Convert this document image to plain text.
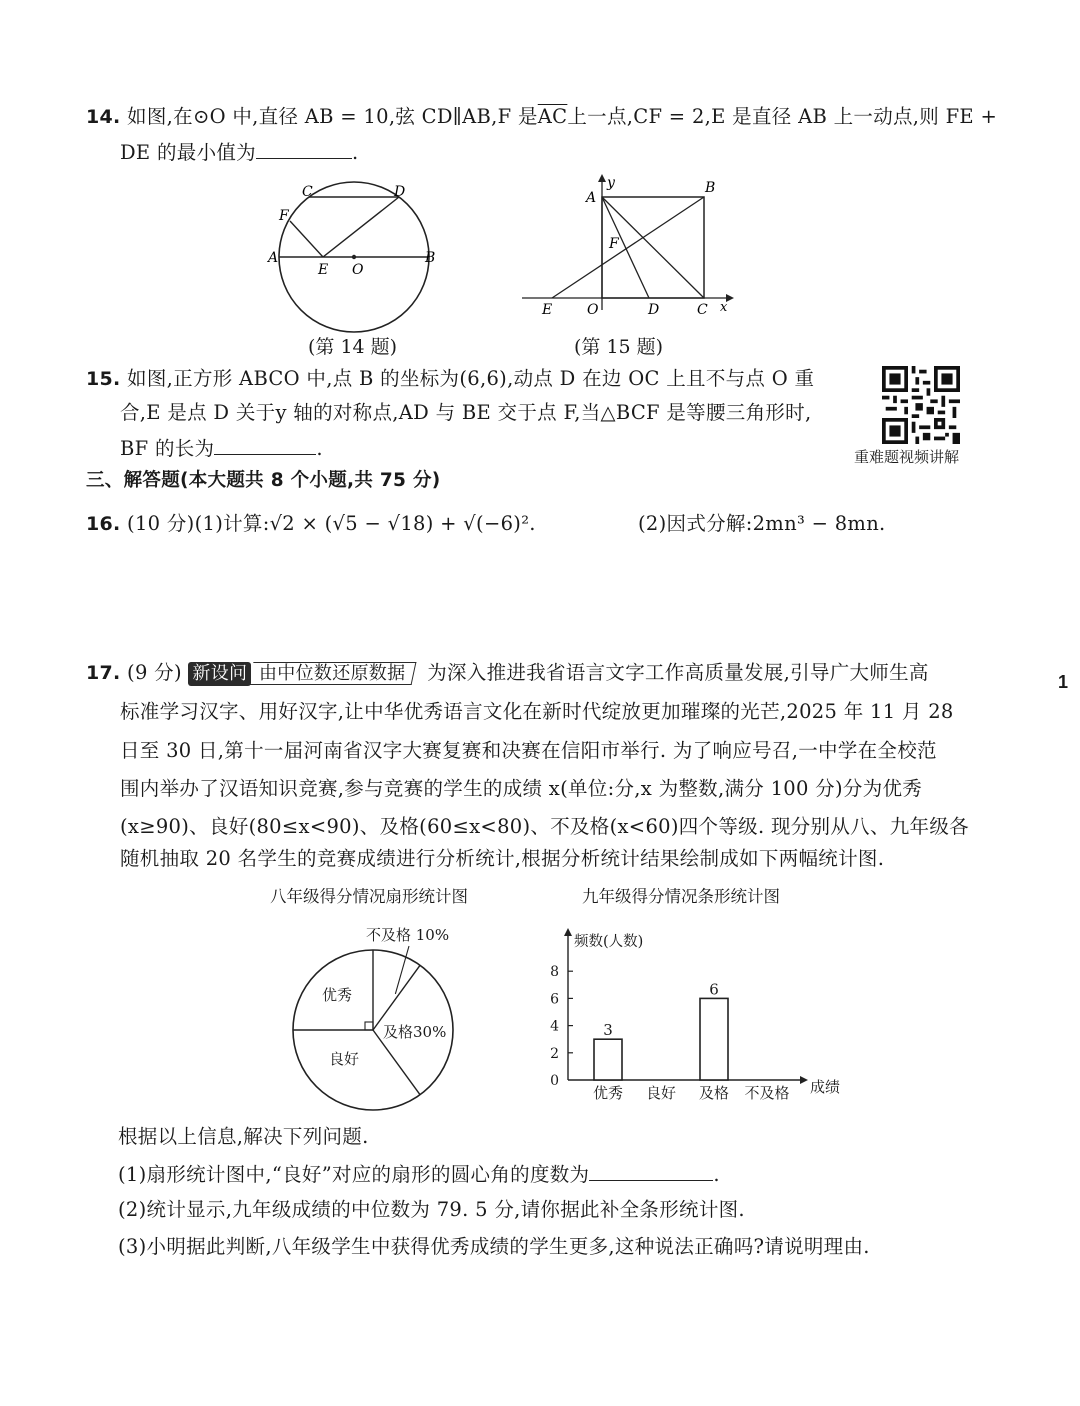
1
14. 如图,在⊙O 中,直径 AB = 10,弦 CD∥AB,F 是$\overline{AC}$上一点,CF = 2,E 是直径 AB 上一动点,则 FE +
DE 的最小值为	.
C	D
F
A
E O
B
(第 14 题)
A
y	B
F
E O	D	C x
(第 15 题)
15. 如图,正方形 ABCO 中,点 B 的坐标为(6,6),动点 D 在边 OC 上且不与点 O 重
合,E 是点 D 关于y 轴的对称点,AD 与 BE 交于点 F,当△BCF 是等腰三角形时,
BF 的长为	.	重难题视频讲解
三、解答题(本大题共 8 个小题,共 75 分)
16. (10 分)(1)计算:√2 × (√5 − √18) + √(−6)².	(2)因式分解:2mn³ − 8mn.
17. (9 分) 新设问 由中位数还原数据 为深入推进我省语言文字工作高质量发展,引导广大师生高
标准学习汉字、用好汉字,让中华优秀语言文化在新时代绽放更加璀璨的光芒,2025 年 11 月 28
日至 30 日,第十一届河南省汉字大赛复赛和决赛在信阳市举行. 为了响应号召,一中学在全校范
围内举办了汉语知识竞赛,参与竞赛的学生的成绩 x(单位:分,x 为整数,满分 100 分)分为优秀
(x≥90)、良好(80≤x<90)、及格(60≤x<80)、不及格(x<60)四个等级. 现分别从八、九年级各
随机抽取 20 名学生的竞赛成绩进行分析统计,根据分析统计结果绘制成如下两幅统计图.
八年级得分情况扇形统计图	九年级得分情况条形统计图
不及格 10%
及格30%
良好
优秀
频数(人数)
0
2
4
6
8
优秀
3
良好 及格
6
不及格 成绩
根据以上信息,解决下列问题.
(1)扇形统计图中,“良好”对应的扇形的圆心角的度数为	.
(2)统计显示,九年级成绩的中位数为 79. 5 分,请你据此补全条形统计图.
(3)小明据此判断,八年级学生中获得优秀成绩的学生更多,这种说法正确吗?请说明理由.
